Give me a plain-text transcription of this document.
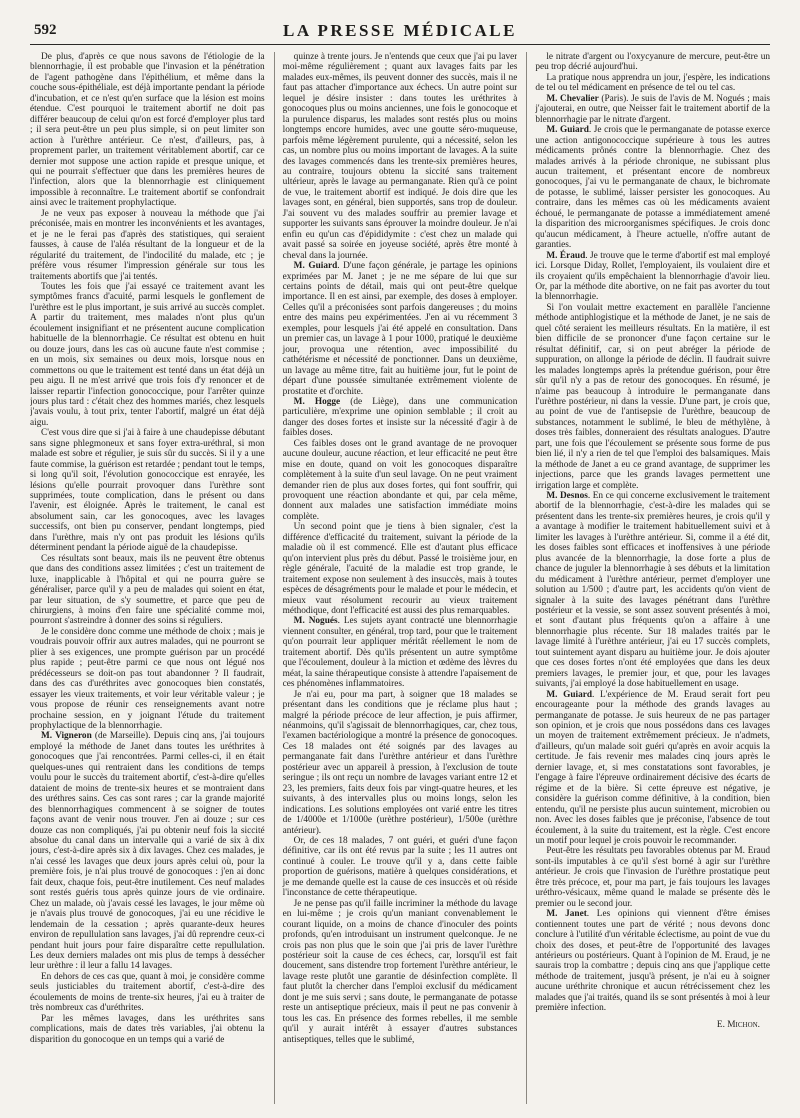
592	LA PRESSE MÉDICALE

De plus, d'après ce que nous savons de l'étiologie de la blennorrhagie, il est probable que l'invasion et la pénétration de l'agent pathogène dans l'épithélium, et même dans la couche sous-épithéliale, est déjà importante pendant la période d'incubation, et ce n'est qu'en surface que la lésion est moins étendue. C'est pourquoi le traitement abortif ne doit pas différer beaucoup de celui qu'on est forcé d'employer plus tard ; il sera peut-être un peu plus simple, si on peut limiter son action à l'urèthre antérieur. Ce n'est, d'ailleurs, pas, à proprement parler, un traitement véritablement abortif, car ce dernier mot suppose une action rapide et presque unique, et qui ne pourrait s'effectuer que dans les premières heures de l'infection, alors que la blennorrhagie est cliniquement impossible à reconnaître. Le traitement abortif se confondrait ainsi avec le traitement prophylactique.

Je ne veux pas exposer à nouveau la méthode que j'ai préconisée, mais en montrer les inconvénients et les avantages, et je ne le ferai pas d'après des statistiques, qui seraient fausses, à cause de l'aléa résultant de la longueur et de la régularité du traitement, de l'indocilité du malade, etc ; je préfère vous résumer l'impression générale sur tous les traitements abortifs que j'ai tentés.

Toutes les fois que j'ai essayé ce traitement avant les symptômes francs d'acuité, parmi lesquels le gonflement de l'urèthre est le plus important, je suis arrivé au succès complet. A partir du traitement, mes malades n'ont plus qu'un écoulement insignifiant et ne présentent aucune complication habituelle de la blennorrhagie. Ce résultat est obtenu en huit ou douze jours, dans les cas où aucune faute n'est commise ; en un mois, six semaines ou deux mois, lorsque nous en commettons ou que le traitement est tenté dans un état déjà un peu aigu. Il ne m'est arrivé que trois fois d'y renoncer et de laisser repartir l'infection gonococcique, pour l'arrêter quinze jours plus tard : c'était chez des hommes mariés, chez lesquels j'avais voulu, à tout prix, tenter l'abortif, malgré un état déjà aigu.

C'est vous dire que si j'ai à faire à une chaudepisse débutant sans signe phlegmoneux et sans foyer extra-uréthral, si mon malade est sobre et régulier, je suis sûr du succès. Si il y a une faute commise, la guérison est retardée ; pendant tout le temps, si long qu'il soit, l'évolution gonococcique est enrayée, les lésions qu'elle pourrait provoquer dans l'urèthre sont supprimées, toute complication, dans le présent ou dans l'avenir, est éloignée. Après le traitement, le canal est absolument sain, car les gonocoques, avec les lavages successifs, ont bien pu conserver, pendant longtemps, pied dans l'urèthre, mais n'y ont pas produit les lésions qu'ils déterminent pendant la période aiguë de la chaudepisse.

Ces résultats sont beaux, mais ils ne peuvent être obtenus que dans des conditions assez limitées ; c'est un traitement de luxe, inapplicable à l'hôpital et qui ne pourra guère se généraliser, parce qu'il y a peu de malades qui soient en état, par leur situation, de s'y soumettre, et parce que peu de chirurgiens, à moins d'en faire une spécialité comme moi, pourront s'astreindre à donner des soins si réguliers.

Je le considère donc comme une méthode de choix ; mais je voudrais pouvoir offrir aux autres malades, qui ne pourront se plier à ses exigences, une prompte guérison par un procédé plus rapide ; peut-être parmi ce que nous ont légué nos prédécesseurs se doit-on pas tout abandonner ? Il faudrait, dans des cas d'uréthrites avec gonocoques bien constatés, essayer les vieux traitements, et voir leur véritable valeur ; je vous propose de réunir ces renseignements avant notre prochaine session, en y joignant l'étude du traitement prophylactique de la blennorrhagie.

M. Vigneron (de Marseille). Depuis cinq ans, j'ai toujours employé la méthode de Janet dans toutes les uréthrites à gonocoques que j'ai rencontrées. Parmi celles-ci, il en était quelques-unes qui rentraient dans les conditions de temps voulu pour le succès du traitement abortif, c'est-à-dire qu'elles dataient de moins de trente-six heures et se montraient dans des uréthres sains. Ces cas sont rares ; car la grande majorité des blennorrhagiques commencent à se soigner de toutes façons avant de venir nous trouver. J'en ai douze ; sur ces douze cas non compliqués, j'ai pu obtenir neuf fois la siccité absolue du canal dans un intervalle qui a varié de six à dix jours, c'est-à-dire après six à dix lavages. Chez ces malades, je n'ai cessé les lavages que deux jours après celui où, pour la première fois, je n'ai plus trouvé de gonocoques : j'en ai donc fait deux, chaque fois, peut-être inutilement. Ces neuf malades sont restés guéris tous après quinze jours de vie ordinaire. Chez un malade, où j'avais cessé les lavages, le jour même où je n'avais plus trouvé de gonocoques, j'ai eu une récidive le lendemain de la cessation ; après quarante-deux heures environ de repullulation sans lavages, j'ai dû reprendre ceux-ci pendant huit jours pour faire disparaître cette repullulation. Les deux derniers malades ont mis plus de temps à dessécher leur urèthre : il leur a fallu 14 lavages.

En dehors de ces cas que, quant à moi, je considère comme seuls justiciables du traitement abortif, c'est-à-dire des écoulements de moins de trente-six heures, j'ai eu à traiter de très nombreux cas d'uréthrites.

Par les mêmes lavages, dans les uréthrites sans complications, mais de dates très variables, j'ai obtenu la disparition du gonocoque en un temps qui a varié de

quinze à trente jours. Je n'entends que ceux que j'ai pu laver moi-même régulièrement ; quant aux lavages faits par les malades eux-mêmes, ils peuvent donner des succès, mais il ne faut pas attacher d'importance aux échecs. Un autre point sur lequel je désire insister : dans toutes les uréthrites à gonocoques plus ou moins anciennes, une fois le gonocoque et la purulence disparus, les malades sont restés plus ou moins longtemps encore humides, avec une goutte séro-muqueuse, parfois même légèrement purulente, qui a nécessité, selon les cas, un nombre plus ou moins important de lavages. A la suite des lavages commencés dans les trente-six premières heures, au contraire, toujours obtenu la siccité sans traitement ultérieur, après le lavage au permanganate. Rien qu'à ce point de vue, le traitement abortif est indiqué. Je dois dire que les lavages sont, en général, bien supportés, sans trop de douleur. J'ai souvent vu des malades souffrir au premier lavage et supporter les suivants sans éprouver la moindre douleur. Je n'ai enfin eu qu'un cas d'épididymite : c'est chez un malade qui avait passé sa soirée en joyeuse société, après être monté à cheval dans la journée.

M. Guiard. D'une façon générale, je partage les opinions exprimées par M. Janet ; je ne me sépare de lui que sur certains points de détail, mais qui ont peut-être quelque importance. Il en est ainsi, par exemple, des doses à employer. Celles qu'il a préconisées sont parfois dangereuses ; du moins entre des mains peu expérimentées. J'en ai vu récemment 3 exemples, pour lesquels j'ai été appelé en consultation. Dans un premier cas, un lavage à 1 pour 1000, pratiqué le deuxième jour, provoqua une rétention, avec impossibilité du cathétérisme et nécessité de ponctionner. Dans un deuxième, un lavage au même titre, fait au huitième jour, fut le point de départ d'une poussée simultanée extrêmement violente de prostatite et d'orchite.

M. Hogge (de Liège), dans une communication particulière, m'exprime une opinion semblable ; il croit au danger des doses fortes et insiste sur la nécessité d'agir à de faibles doses.

Ces faibles doses ont le grand avantage de ne provoquer aucune douleur, aucune réaction, et leur efficacité ne peut être mise en doute, quand on voit les gonocoques disparaître complètement à la suite d'un seul lavage. On ne peut vraiment demander rien de plus aux doses fortes, qui font souffrir, qui provoquent une réaction abondante et qui, par cela même, donnent aux malades une satisfaction immédiate moins complète.

Un second point que je tiens à bien signaler, c'est la différence d'efficacité du traitement, suivant la période de la maladie où il est commencé. Elle est d'autant plus efficace qu'on intervient plus près du début. Passé le troisième jour, en règle générale, l'acuité de la maladie est trop grande, le traitement expose non seulement à des insuccès, mais à toutes espèces de désagréments pour le malade et pour le médecin, et mieux vaut résolument recourir au vieux traitement méthodique, dont l'efficacité est aussi des plus remarquables.

M. Nogués. Les sujets ayant contracté une blennorrhagie viennent consulter, en général, trop tard, pour que le traitement qu'on pourrait leur appliquer méritât réellement le nom de traitement abortif. Dès qu'ils présentent un autre symptôme que l'écoulement, douleur à la miction et œdème des lèvres du méat, la saine thérapeutique consiste à attendre l'apaisement de ces phénomènes inflammatoires.

Je n'ai eu, pour ma part, à soigner que 18 malades se présentant dans les conditions que je réclame plus haut ; malgré la période précoce de leur affection, je puis affirmer, néanmoins, qu'il s'agissait de blennorrhagiques, car, chez tous, l'examen bactériologique a montré la présence de gonocoques. Ces 18 malades ont été soignés par des lavages au permanganate fait dans l'urèthre antérieur et dans l'urèthre postérieur avec un appareil à pression, à l'exclusion de toute seringue ; ils ont reçu un nombre de lavages variant entre 12 et 23, les premiers, faits deux fois par vingt-quatre heures, et les suivants, à des intervalles plus ou moins longs, selon les indications. Les solutions employées ont varié entre les titres de 1/4000e et 1/1000e (urèthre postérieur), 1/500e (urèthre antérieur).

Or, de ces 18 malades, 7 ont guéri, et guéri d'une façon définitive, car ils ont été revus par la suite ; les 11 autres ont continué à couler. Le trouve qu'il y a, dans cette faible proportion de guérisons, matière à quelques considérations, et je me demande quelle est la cause de ces insuccès et où réside l'inconstance de cette thérapeutique.

Je ne pense pas qu'il faille incriminer la méthode du lavage en lui-même ; je crois qu'un maniant convenablement le courant liquide, on a moins de chance d'inoculer des points profonds, qu'en introduisant un instrument quelconque. Je ne crois pas non plus que le soin que j'ai pris de laver l'urèthre postérieur soit la cause de ces échecs, car, lorsqu'il est fait doucement, sans distendre trop fortement l'urèthre antérieur, le lavage reste plutôt une garantie de désinfection complète. Il faut plutôt la chercher dans l'emploi exclusif du médicament dont je me suis servi ; sans doute, le permanganate de potasse reste un antiseptique précieux, mais il peut ne pas convenir à tous les cas. En présence des formes rebelles, il me semble qu'il y aurait intérêt à essayer d'autres substances antiseptiques, telles que le sublimé,

le nitrate d'argent ou l'oxycyanure de mercure, peut-être un peu trop décrié aujourd'hui.

La pratique nous apprendra un jour, j'espère, les indications de tel ou tel médicament en présence de tel ou tel cas.

M. Chevalier (Paris). Je suis de l'avis de M. Nogués ; mais j'ajouterai, en outre, que Neisser fait le traitement abortif de la blennorrhagie par le nitrate d'argent.

M. Guiard. Je crois que le permanganate de potasse exerce une action antigonococcique supérieure à tous les autres médicaments prônés contre la blennorrhagie. Chez des malades arrivés à la période chronique, ne subissant plus aucun traitement, et présentant encore de nombreux gonocoques, j'ai vu le permanganate de chaux, le bichromate de potasse, le sublimé, laisser persister les gonocoques. Au contraire, dans les mêmes cas où les médicaments avaient échoué, le permanganate de potasse a immédiatement amené la disparition des microorganismes spécifiques. Je crois donc qu'aucun médicament, à l'heure actuelle, n'offre autant de garanties.

M. Éraud. Je trouve que le terme d'abortif est mal employé ici. Lorsque Diday, Rollet, l'employaient, ils voulaient dire et ils croyaient qu'ils empêchaient la blennorrhagie d'avoir lieu. Or, par la méthode dite abortive, on ne fait pas avorter du tout la blennorrhagie.

Si l'on voulait mettre exactement en parallèle l'ancienne méthode antiphlogistique et la méthode de Janet, je ne sais de quel côté seraient les meilleurs résultats. En la matière, il est bien difficile de se prononcer d'une façon certaine sur le résultat définitif, car, si on peut abréger la période de suppuration, on allonge la période de déclin. Il faudrait suivre les malades longtemps après la prétendue guérison, pour être sûr qu'il n'y a pas de retour des gonocoques. En résumé, je n'aime pas beaucoup à introduire le permanganate dans l'urèthre postérieur, ni dans la vessie. D'une part, je crois que, au point de vue de l'antisepsie de l'urèthre, beaucoup de substances, notamment le sublimé, le bleu de méthylène, à doses très faibles, donneraient des résultats analogues. D'autre part, une fois que l'écoulement se présente sous forme de pus bien lié, il n'y a rien de tel que l'emploi des balsamiques. Mais la méthode de Janet a eu ce grand avantage, de supprimer les injections, parce que les grands lavages permettent une irrigation large et complète.

M. Desnos. En ce qui concerne exclusivement le traitement abortif de la blennorrhagie, c'est-à-dire les malades qui se présentent dans les trente-six premières heures, je crois qu'il y a avantage à modifier le traitement habituellement suivi et à limiter les lavages à l'urèthre antérieur. Si, comme il a été dit, les doses faibles sont efficaces et inoffensives à une période plus avancée de la blennorrhagie, la dose forte a plus de chance de juguler la blennorrhagie à ses débuts et la limitation du médicament à l'urèthre antérieur, permet d'employer une solution au 1/500 ; d'autre part, les accidents qu'on vient de signaler à la suite des lavages pénétrant dans l'urèthre postérieur et la vessie, se sont assez souvent présentés à moi, et sont d'autant plus fréquents qu'on a affaire à une blennorrhagie plus récente. Sur 18 malades traités par le lavage limité à l'urèthre antérieur, j'ai eu 17 succès complets, tout suintement ayant disparu au huitième jour. Je dois ajouter que ces doses fortes n'ont été employées que dans les deux premiers lavages, le premier jour, et que, pour les lavages suivants, j'ai employé la dose habituellement en usage.

M. Guiard. L'expérience de M. Eraud serait fort peu encourageante pour la méthode des grands lavages au permanganate de potasse. Je suis heureux de ne pas partager son opinion, et je crois que nous possédons dans ces lavages un moyen de traitement extrêmement précieux. Je n'admets, d'ailleurs, qu'un malade soit guéri qu'après en avoir acquis la certitude. Je fais revenir mes malades cinq jours après le dernier lavage, et, si mes constatations sont favorables, je l'engage à faire l'épreuve ordinairement décisive des écarts de régime et de la bière. Si cette épreuve est négative, je considère la guérison comme définitive, à la condition, bien entendu, qu'il ne persiste plus aucun suintement, microbien ou non. Avec les doses faibles que je préconise, l'absence de tout écoulement, à la suite du traitement, est la règle. C'est encore un motif pour lequel je crois pouvoir le recommander.

Peut-être les résultats peu favorables obtenus par M. Eraud sont-ils imputables à ce qu'il s'est borné à agir sur l'urèthre antérieur. Je crois que l'invasion de l'urèthre prostatique peut être très précoce, et, pour ma part, je fais toujours les lavages uréthro-vésicaux, même quand le malade se présente dès le premier ou le second jour.

M. Janet. Les opinions qui viennent d'être émises contiennent toutes une part de vérité ; nous devons donc conclure à l'utilité d'un véritable éclectisme, au point de vue du choix des doses, et peut-être de l'opportunité des lavages antérieurs ou postérieurs. Quant à l'opinion de M. Eraud, je ne saurais trop la combattre ; depuis cinq ans que j'applique cette méthode de traitement, jusqu'à présent, je n'ai eu à soigner aucune uréthrite chronique et aucun rétrécissement chez les malades que j'ai traités, quand ils se sont présentés à moi à leur première infection.

E. Michon.
